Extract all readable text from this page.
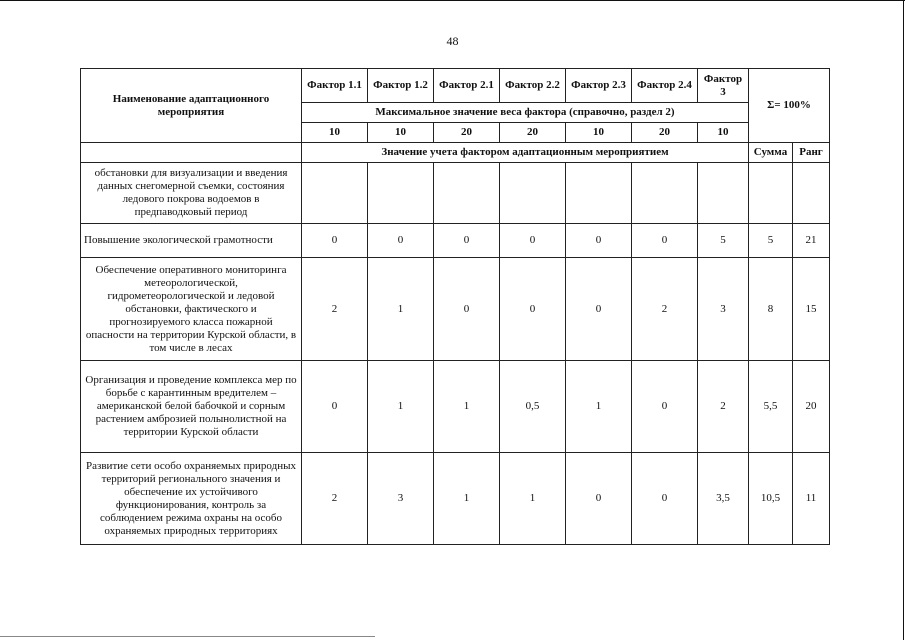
48
Наименование адаптационного мероприятия	Фактор 1.1	Фактор 1.2	Фактор 2.1	Фактор 2.2	Фактор 2.3	Фактор 2.4	Фактор 3	Σ= 100%	
	Максимальное значение веса фактора (справочно, раздел 2)								
	10	10	20	20	10	20	10		
	Значение учета фактором адаптационным мероприятием							Сумма	Ранг
обстановки для визуализации и введения данных снегомерной съемки, состояния ледового покрова водоемов в предпаводковый период									
Повышение экологической грамотности	0	0	0	0	0	0	5	5	21
Обеспечение оперативного мониторинга метеорологической, гидрометеорологической и ледовой обстановки, фактического и прогнозируемого класса пожарной опасности на территории Курской области, в том числе в лесах	2	1	0	0	0	2	3	8	15
Организация и проведение комплекса мер по борьбе с карантинным вредителем – американской белой бабочкой и сорным растением амброзией полынолистной на территории Курской области	0	1	1	0,5	1	0	2	5,5	20
Развитие сети особо охраняемых природных территорий регионального значения и обеспечение их устойчивого функционирования, контроль за соблюдением режима охраны на особо охраняемых природных территориях	2	3	1	1	0	0	3,5	10,5	11
